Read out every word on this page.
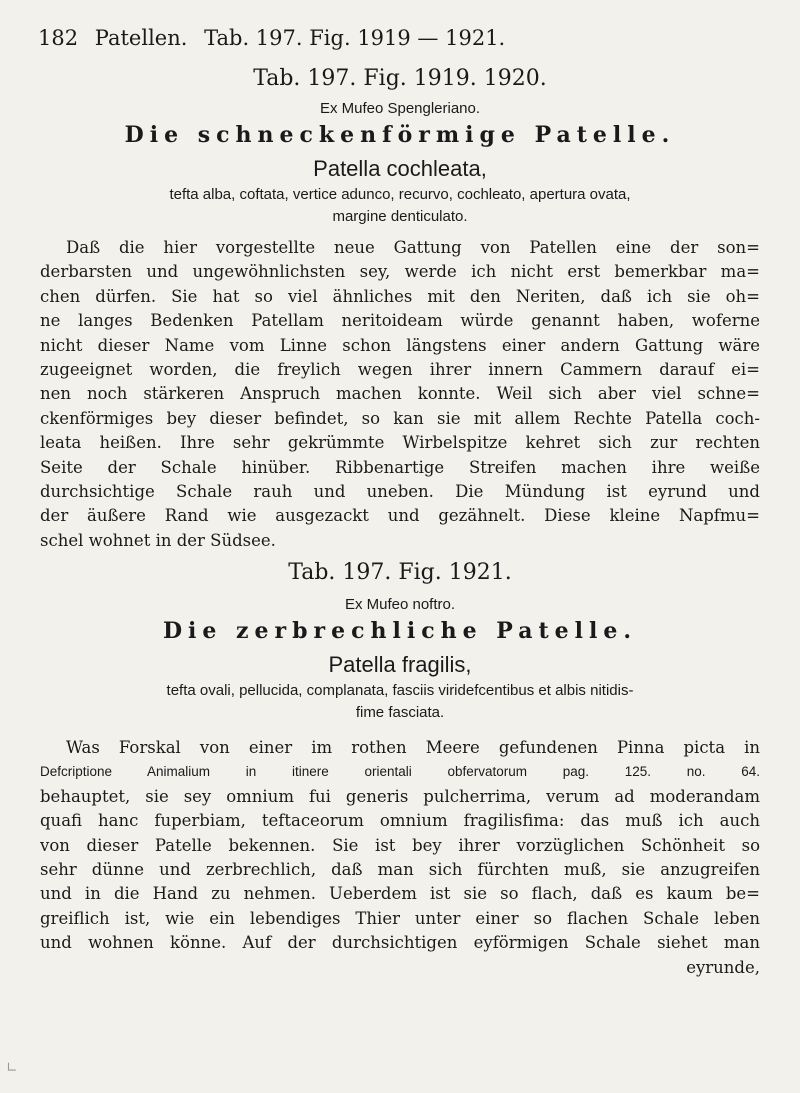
182 Patellen. Tab. 197. Fig. 1919 — 1921.
Tab. 197. Fig. 1919. 1920.
Ex Mufeo Spengleriano.
Die schneckenförmige Patelle.
Patella cochleata,
tefta alba, coftata, vertice adunco, recurvo, cochleato, apertura ovata,
margine denticulato.
Daß die hier vorgestellte neue Gattung von Patellen eine der son=
derbarsten und ungewöhnlichsten sey, werde ich nicht erst bemerkbar ma=
chen dürfen. Sie hat so viel ähnliches mit den Neriten, daß ich sie oh=
ne langes Bedenken Patellam neritoideam würde genannt haben, woferne
nicht dieser Name vom Linne schon längstens einer andern Gattung wäre
zugeeignet worden, die freylich wegen ihrer innern Cammern darauf ei=
nen noch stärkeren Anspruch machen konnte. Weil sich aber viel schne=
ckenförmiges bey dieser befindet, so kan sie mit allem Rechte Patella coch-
leata heißen. Ihre sehr gekrümmte Wirbelspitze kehret sich zur rechten
Seite der Schale hinüber. Ribbenartige Streifen machen ihre weiße
durchsichtige Schale rauh und uneben. Die Mündung ist eyrund und
der äußere Rand wie ausgezackt und gezähnelt. Diese kleine Napfmu=
schel wohnet in der Südsee.
Tab. 197. Fig. 1921.
Ex Mufeo noftro.
Die zerbrechliche Patelle.
Patella fragilis,
tefta ovali, pellucida, complanata, fasciis viridefcentibus et albis nitidis-
fime fasciata.
Was Forskal von einer im rothen Meere gefundenen Pinna picta in
Defcriptione Animalium in itinere orientali obfervatorum pag. 125. no. 64.
behauptet, sie sey omnium fui generis pulcherrima, verum ad moderandam
quafi hanc fuperbiam, teftaceorum omnium fragilisfima: das muß ich auch
von dieser Patelle bekennen. Sie ist bey ihrer vorzüglichen Schönheit so
sehr dünne und zerbrechlich, daß man sich fürchten muß, sie anzugreifen
und in die Hand zu nehmen. Ueberdem ist sie so flach, daß es kaum be=
greiflich ist, wie ein lebendiges Thier unter einer so flachen Schale leben
und wohnen könne. Auf der durchsichtigen eyförmigen Schale siehet man
eyrunde,
∟
